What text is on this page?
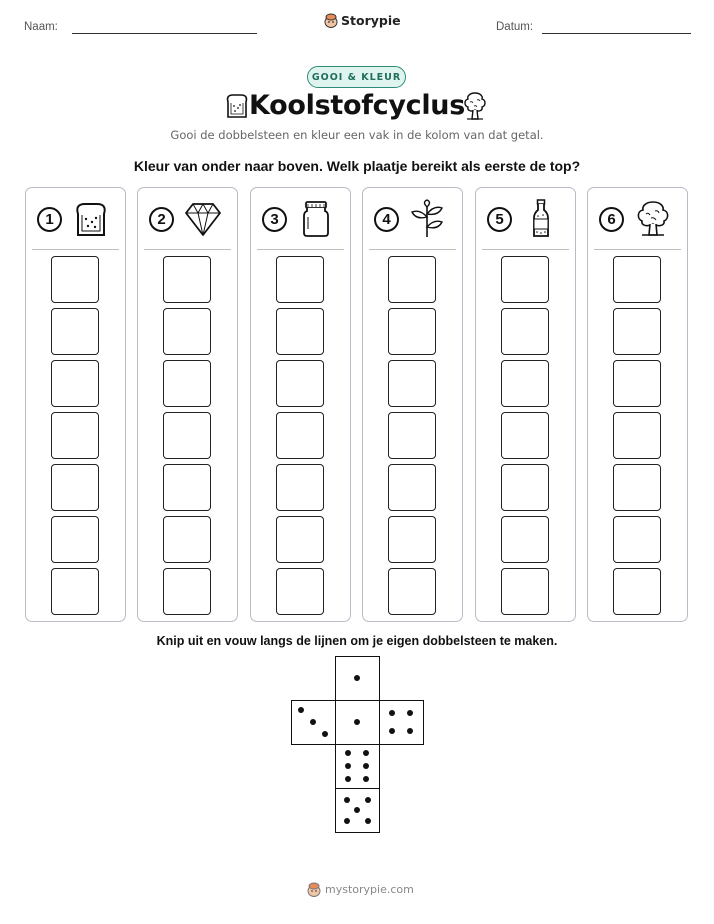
Naam:	Storypie	Datum:
GOOI & KLEUR
Koolstofcyclus
Gooi de dobbelsteen en kleur een vak in de kolom van dat getal.
Kleur van onder naar boven. Welk plaatje bereikt als eerste de top?
1	2	3	4	5	6
Knip uit en vouw langs de lijnen om je eigen dobbelsteen te maken.
mystorypie.com
